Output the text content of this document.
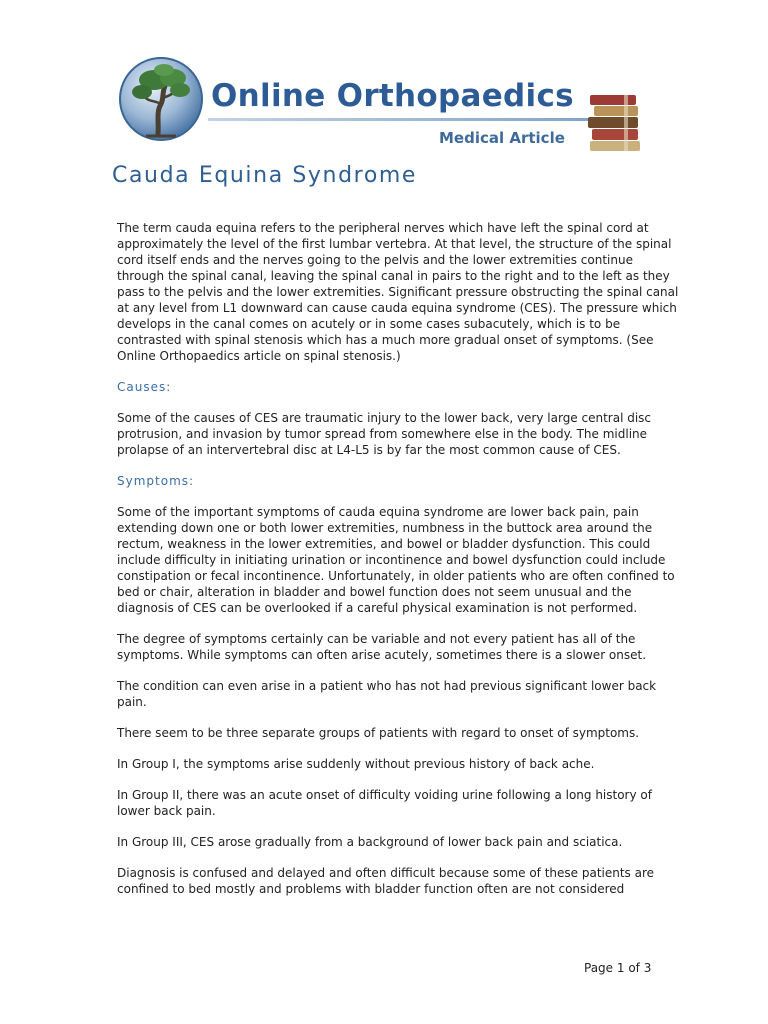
Online Orthopaedics
Medical Article
Cauda Equina Syndrome

The term cauda equina refers to the peripheral nerves which have left the spinal cord at approximately the level of the first lumbar vertebra. At that level, the structure of the spinal cord itself ends and the nerves going to the pelvis and the lower extremities continue through the spinal canal, leaving the spinal canal in pairs to the right and to the left as they pass to the pelvis and the lower extremities. Significant pressure obstructing the spinal canal at any level from L1 downward can cause cauda equina syndrome (CES). The pressure which develops in the canal comes on acutely or in some cases subacutely, which is to be contrasted with spinal stenosis which has a much more gradual onset of symptoms. (See Online Orthopaedics article on spinal stenosis.)

Causes:

Some of the causes of CES are traumatic injury to the lower back, very large central disc protrusion, and invasion by tumor spread from somewhere else in the body. The midline prolapse of an intervertebral disc at L4-L5 is by far the most common cause of CES.

Symptoms:

Some of the important symptoms of cauda equina syndrome are lower back pain, pain extending down one or both lower extremities, numbness in the buttock area around the rectum, weakness in the lower extremities, and bowel or bladder dysfunction. This could include difficulty in initiating urination or incontinence and bowel dysfunction could include constipation or fecal incontinence. Unfortunately, in older patients who are often confined to bed or chair, alteration in bladder and bowel function does not seem unusual and the diagnosis of CES can be overlooked if a careful physical examination is not performed.

The degree of symptoms certainly can be variable and not every patient has all of the symptoms. While symptoms can often arise acutely, sometimes there is a slower onset.

The condition can even arise in a patient who has not had previous significant lower back pain.

There seem to be three separate groups of patients with regard to onset of symptoms.

In Group I, the symptoms arise suddenly without previous history of back ache.

In Group II, there was an acute onset of difficulty voiding urine following a long history of lower back pain.

In Group III, CES arose gradually from a background of lower back pain and sciatica.

Diagnosis is confused and delayed and often difficult because some of these patients are confined to bed mostly and problems with bladder function often are not considered

Page 1 of 3
